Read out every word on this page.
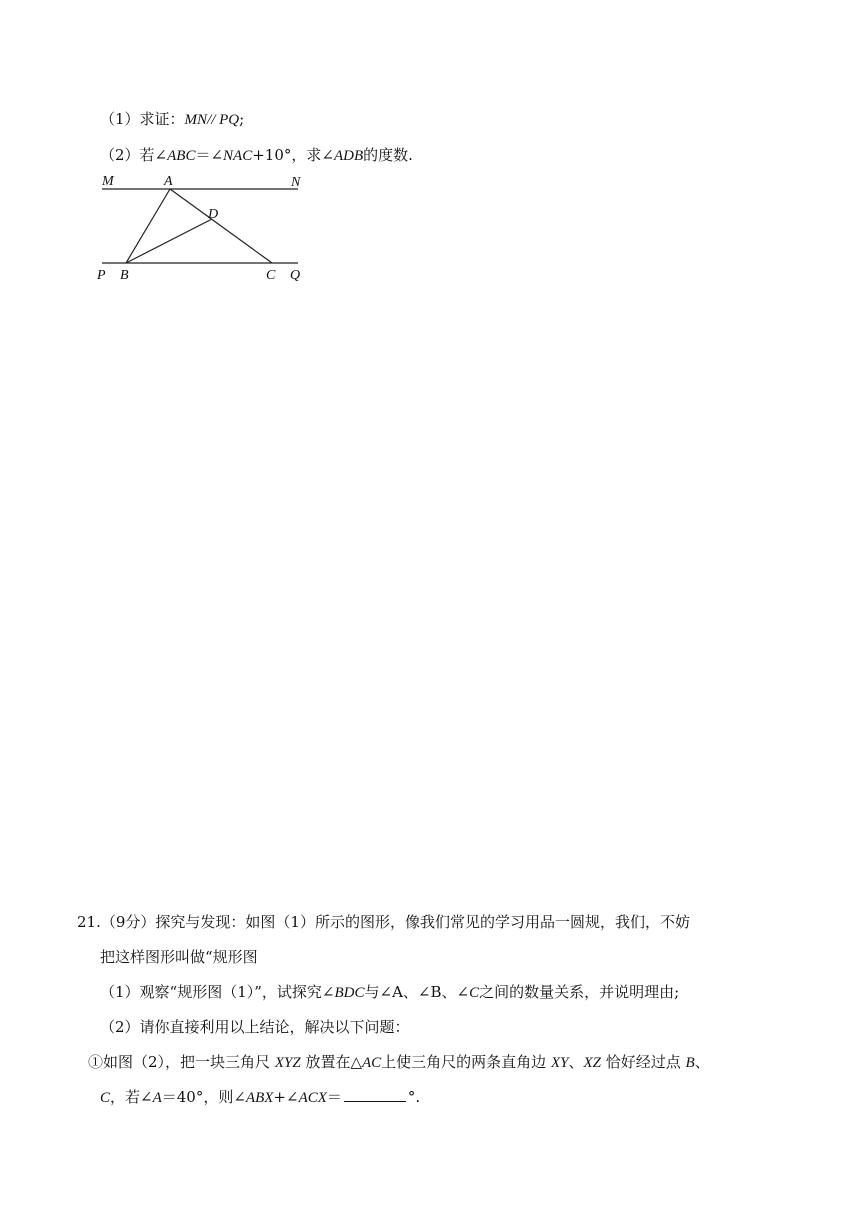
（1）求证：MN// PQ;
（2）若∠ABC＝∠NAC+10°，求∠ADB的度数.
M	A	N
D
P B	C Q
21.（9分）探究与发现：如图（1）所示的图形，像我们常见的学习用品一圆规，我们，不妨
把这样图形叫做“规形图
（1）观察“规形图（1）”，试探究∠BDC与∠A、∠B、∠C之间的数量关系，并说明理由;
（2）请你直接利用以上结论，解决以下问题：
①如图（2），把一块三角尺 XYZ 放置在△AC上使三角尺的两条直角边 XY、XZ 恰好经过点 B、
C，若∠A＝40°，则∠ABX+∠ACX＝	°.
